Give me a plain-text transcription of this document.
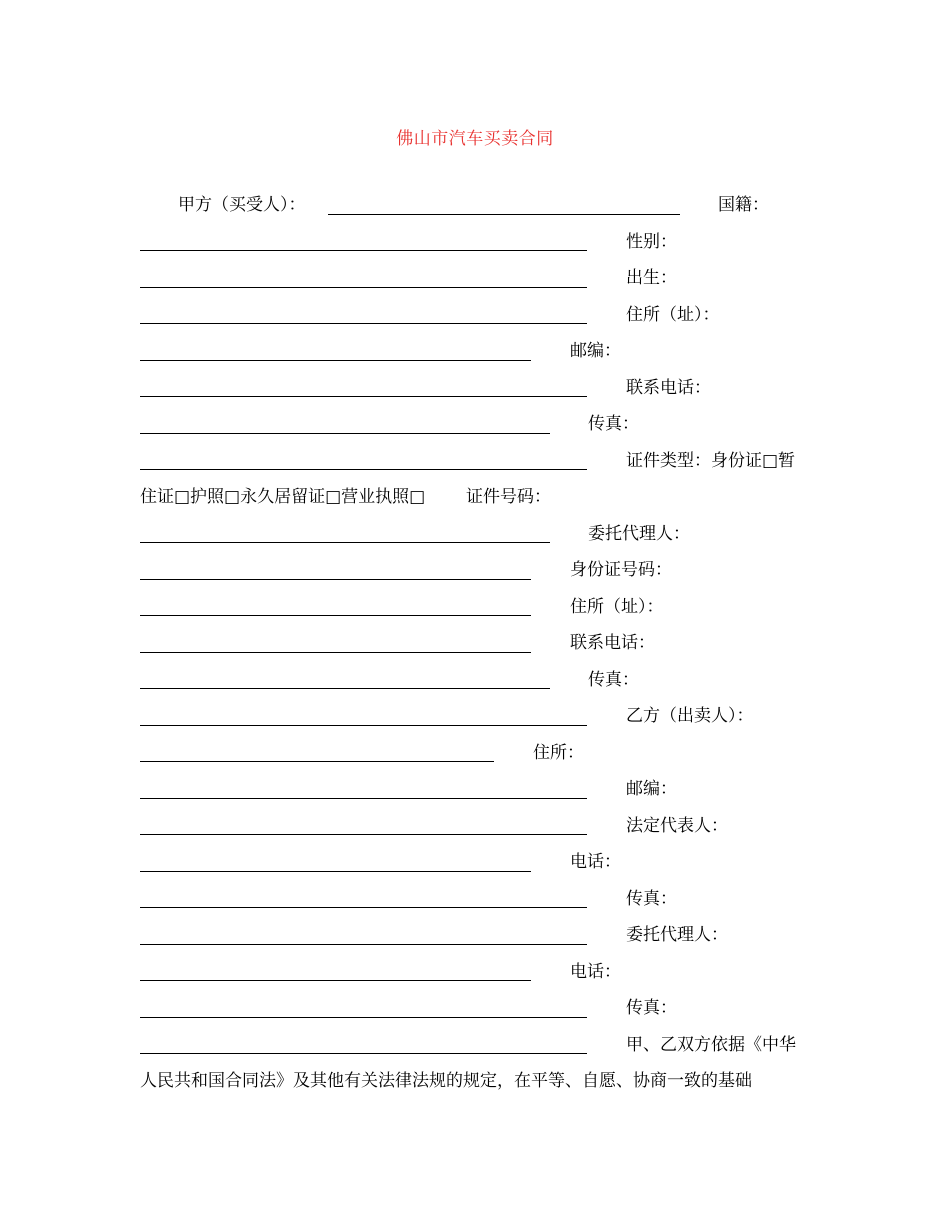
佛山市汽车买卖合同
甲方（买受人）：	国籍：
性别：
出生：
住所（址）：
邮编：
联系电话：
传真：
证件类型：身份证□暂
住证□护照□永久居留证□营业执照□ 证件号码：
委托代理人：
身份证号码：
住所（址）：
联系电话：
传真：
乙方（出卖人）：
住所：
邮编：
法定代表人：
电话：
传真：
委托代理人：
电话：
传真：
甲、乙双方依据《中华
人民共和国合同法》及其他有关法律法规的规定，在平等、自愿、协商一致的基础
